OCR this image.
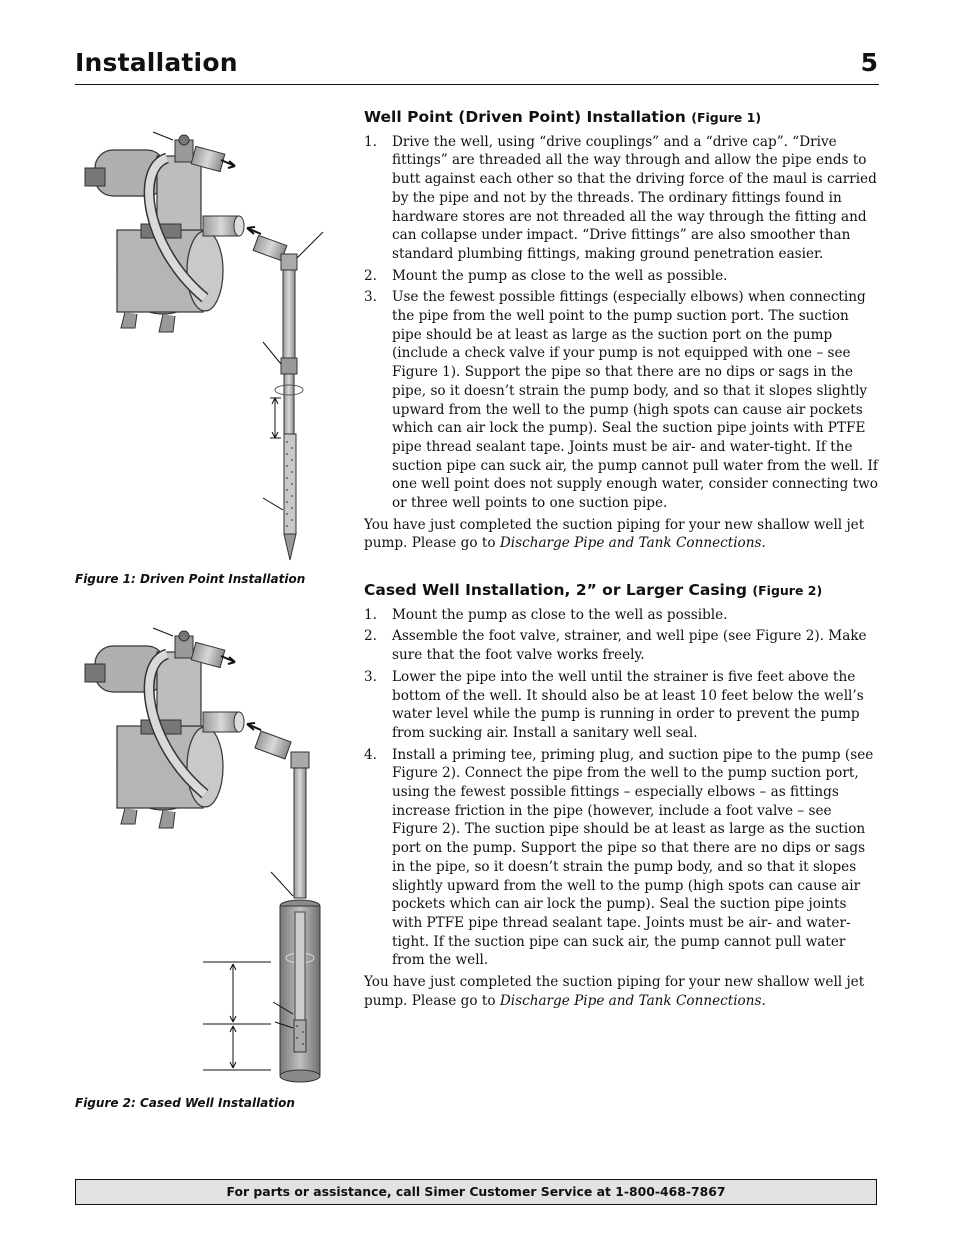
Installation	5
Figure 1: Driven Point Installation
Figure 2: Cased Well Installation
Well Point (Driven Point) Installation (Figure 1)
1. Drive the well, using “drive couplings” and a “drive cap”. “Drive fittings” are threaded all the way through and allow the pipe ends to butt against each other so that the driving force of the maul is carried by the pipe and not by the threads. The ordinary fittings found in hardware stores are not threaded all the way through the fitting and can collapse under impact. “Drive fittings” are also smoother than standard plumbing fittings, making ground penetration easier.
2. Mount the pump as close to the well as possible.
3. Use the fewest possible fittings (especially elbows) when connecting the pipe from the well point to the pump suction port. The suction pipe should be at least as large as the suction port on the pump (include a check valve if your pump is not equipped with one – see Figure 1). Support the pipe so that there are no dips or sags in the pipe, so it doesn’t strain the pump body, and so that it slopes slightly upward from the well to the pump (high spots can cause air pockets which can air lock the pump). Seal the suction pipe joints with PTFE pipe thread sealant tape. Joints must be air- and water-tight. If the suction pipe can suck air, the pump cannot pull water from the well. If one well point does not supply enough water, consider connecting two or three well points to one suction pipe.

You have just completed the suction piping for your new shallow well jet pump. Please go to Discharge Pipe and Tank Connections.

Cased Well Installation, 2” or Larger Casing (Figure 2)
1. Mount the pump as close to the well as possible.
2. Assemble the foot valve, strainer, and well pipe (see Figure 2). Make sure that the foot valve works freely.
3. Lower the pipe into the well until the strainer is five feet above the bottom of the well. It should also be at least 10 feet below the well’s water level while the pump is running in order to prevent the pump from sucking air. Install a sanitary well seal.
4. Install a priming tee, priming plug, and suction pipe to the pump (see Figure 2). Connect the pipe from the well to the pump suction port, using the fewest possible fittings – especially elbows – as fittings increase friction in the pipe (however, include a foot valve – see Figure 2). The suction pipe should be at least as large as the suction port on the pump. Support the pipe so that there are no dips or sags in the pipe, so it doesn’t strain the pump body, and so that it slopes slightly upward from the well to the pump (high spots can cause air pockets which can air lock the pump). Seal the suction pipe joints with PTFE pipe thread sealant tape. Joints must be air- and water-tight. If the suction pipe can suck air, the pump cannot pull water from the well.

You have just completed the suction piping for your new shallow well jet pump. Please go to Discharge Pipe and Tank Connections.

For parts or assistance, call Simer Customer Service at 1-800-468-7867
